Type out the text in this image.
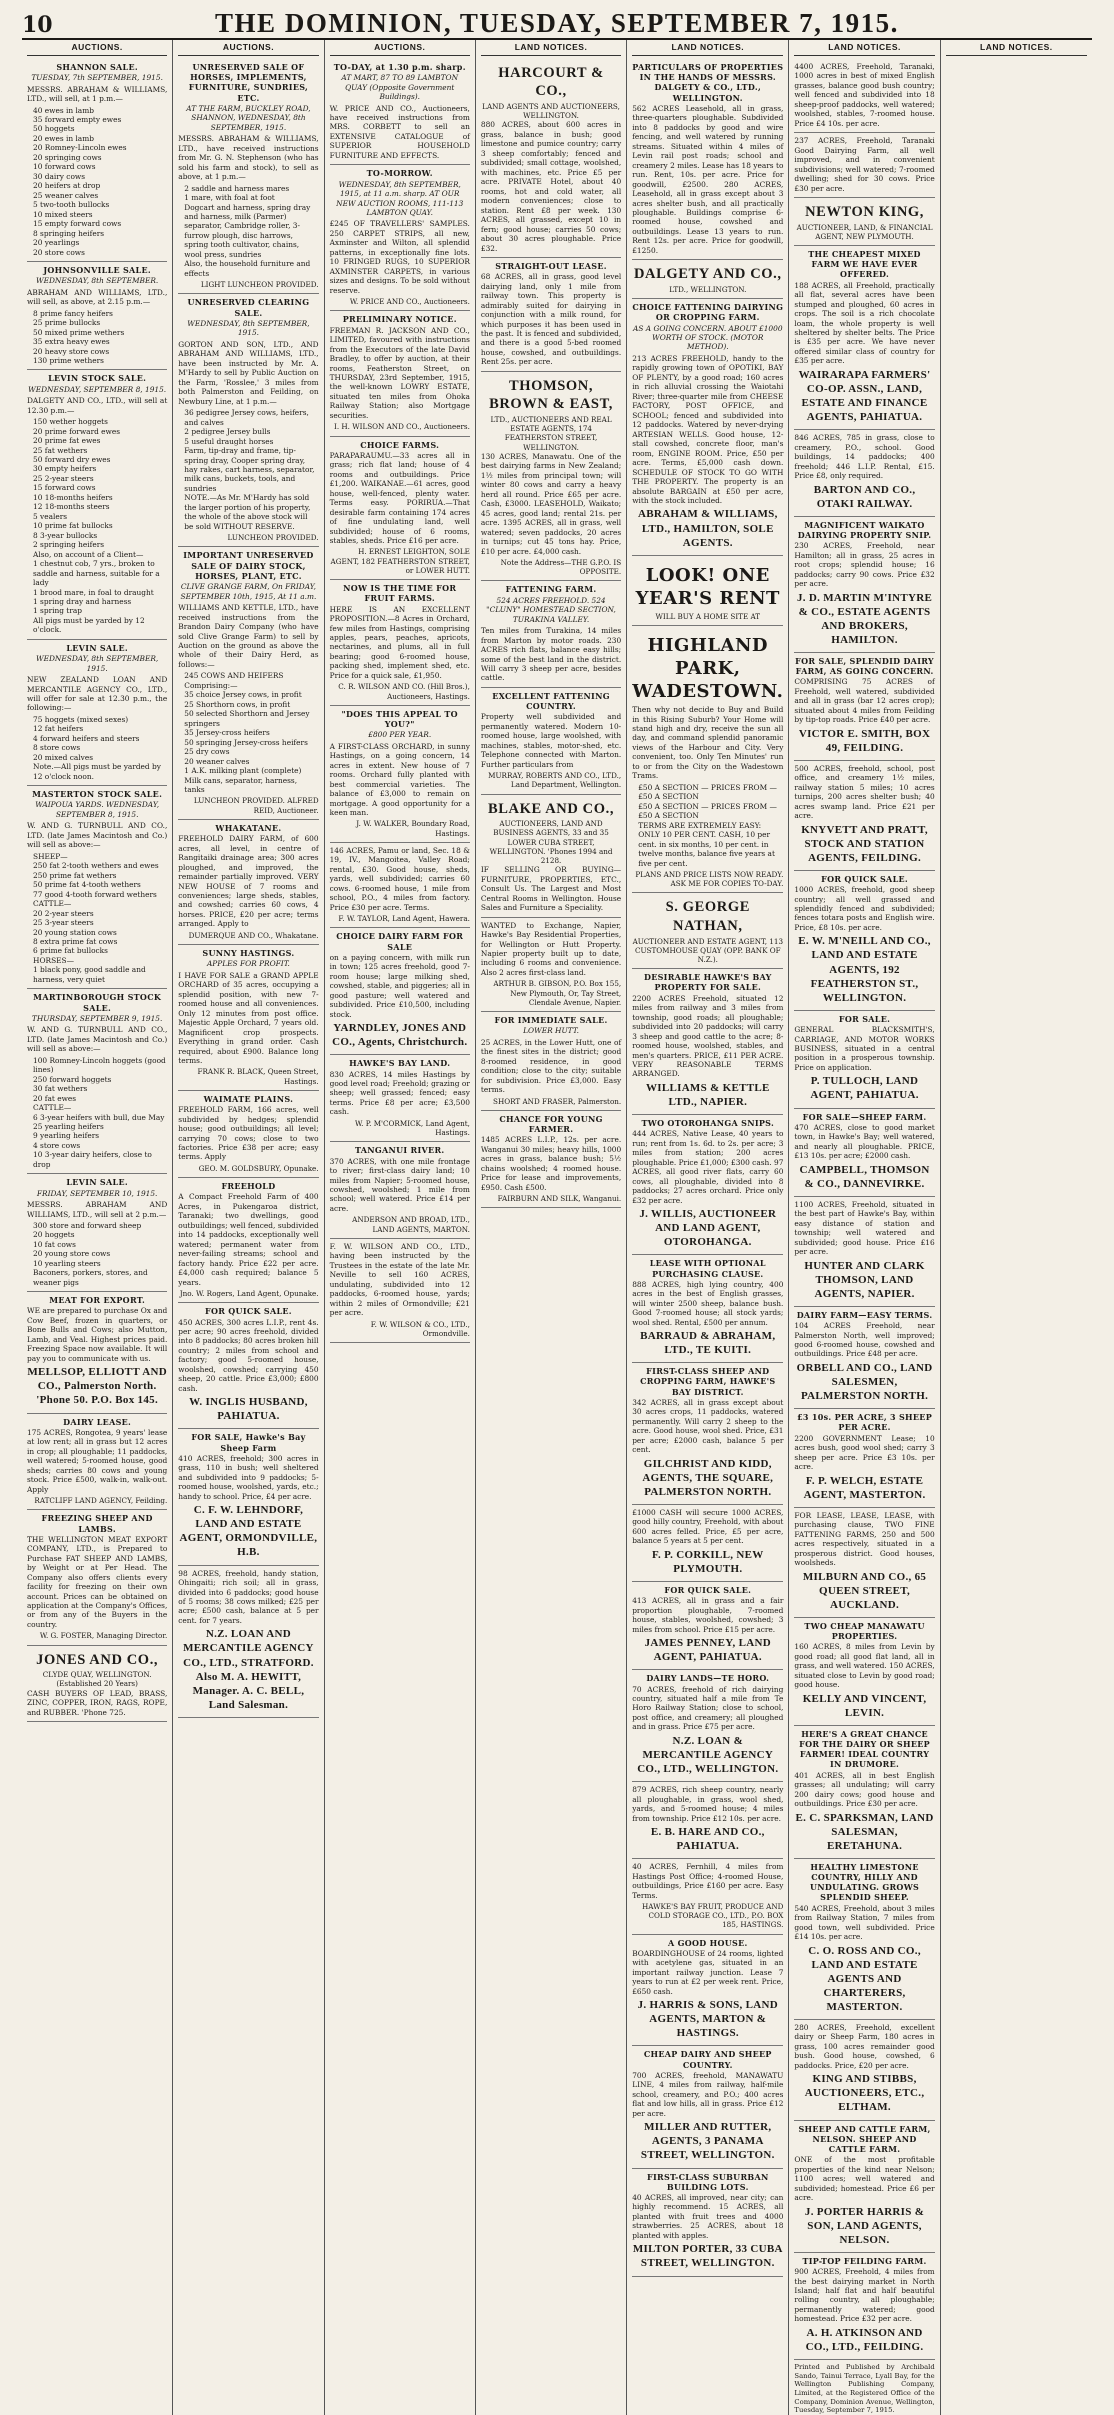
10	THE DOMINION, TUESDAY, SEPTEMBER 7, 1915.
AUCTIONS.
SHANNON SALE.
TUESDAY, 7th SEPTEMBER, 1915.
MESSRS. ABRAHAM & WILLIAMS, LTD., will sell, at 1 p.m.—
40 ewes in lamb
35 forward empty ewes
50 hoggets
20 ewes in lamb
20 Romney-Lincoln ewes
20 springing cows
10 forward cows
30 dairy cows
20 heifers at drop
25 weaner calves
5 two-tooth bullocks
10 mixed steers
15 empty forward cows
8 springing heifers
20 yearlings
20 store cows
JOHNSONVILLE SALE.
WEDNESDAY, 8th SEPTEMBER.
ABRAHAM AND WILLIAMS, LTD., will sell, as above, at 2.15 p.m.—
8 prime fancy heifers
25 prime bullocks
50 mixed prime wethers
35 extra heavy ewes
20 heavy store cows
130 prime wethers
LEVIN STOCK SALE.
WEDNESDAY, SEPTEMBER 8, 1915.
DALGETY AND CO., LTD., will sell at 12.30 p.m.—
150 wether hoggets
20 prime forward ewes
20 prime fat ewes
25 fat wethers
50 forward dry ewes
30 empty heifers
25 2-year steers
15 forward cows
10 18-months heifers
12 18-months steers
5 vealers
10 prime fat bullocks
8 3-year bullocks
2 springing heifers
Also, on account of a Client—
1 chestnut cob, 7 yrs., broken to saddle and harness, suitable for a lady
1 brood mare, in foal to draught
1 spring dray and harness
1 spring trap
All pigs must be yarded by 12 o'clock.
LEVIN SALE.
WEDNESDAY, 8th SEPTEMBER, 1915.
NEW ZEALAND LOAN AND MERCANTILE AGENCY CO., LTD., will offer for sale at 12.30 p.m., the following:—
75 hoggets (mixed sexes)
12 fat heifers
4 forward heifers and steers
8 store cows
20 mixed calves
Note.—All pigs must be yarded by 12 o'clock noon.
MASTERTON STOCK SALE.
WAIPOUA YARDS. WEDNESDAY, SEPTEMBER 8, 1915.
W. AND G. TURNBULL AND CO., LTD. (late James Macintosh and Co.) will sell as above:—
SHEEP—
250 fat 2-tooth wethers and ewes
250 prime fat wethers
50 prime fat 4-tooth wethers
77 good 4-tooth forward wethers
CATTLE—
20 2-year steers
25 3-year steers
20 young station cows
8 extra prime fat cows
6 prime fat bullocks
HORSES—
1 black pony, good saddle and harness, very quiet
MARTINBOROUGH STOCK SALE.
THURSDAY, SEPTEMBER 9, 1915.
W. AND G. TURNBULL AND CO., LTD. (late James Macintosh and Co.) will sell as above:—
100 Romney-Lincoln hoggets (good lines)
250 forward hoggets
30 fat wethers
20 fat ewes
CATTLE—
6 3-year heifers with bull, due May
25 yearling heifers
9 yearling heifers
4 store cows
10 3-year dairy heifers, close to drop
LEVIN SALE.
FRIDAY, SEPTEMBER 10, 1915.
MESSRS. ABRAHAM AND WILLIAMS, LTD., will sell at 2 p.m.—
300 store and forward sheep
20 hoggets
10 fat cows
20 young store cows
10 yearling steers
Baconers, porkers, stores, and weaner pigs
MEAT FOR EXPORT.
WE are prepared to purchase Ox and Cow Beef, frozen in quarters, or Bone Bulls and Cows; also Mutton, Lamb, and Veal. Highest prices paid. Freezing Space now available. It will pay you to communicate with us.
MELLSOP, ELLIOTT AND CO., Palmerston North. 'Phone 50. P.O. Box 145.
DAIRY LEASE.
175 ACRES, Rongotea, 9 years' lease at low rent; all in grass but 12 acres in crop; all ploughable; 11 paddocks, well watered; 5-roomed house, good sheds; carries 80 cows and young stock. Price £500, walk-in, walk-out. Apply
RATCLIFF LAND AGENCY, Feilding.
FREEZING SHEEP AND LAMBS.
THE WELLINGTON MEAT EXPORT COMPANY, LTD., is Prepared to Purchase FAT SHEEP AND LAMBS, by Weight or at Per Head. The Company also offers clients every facility for freezing on their own account. Prices can be obtained on application at the Company's Offices, or from any of the Buyers in the country.
W. G. FOSTER, Managing Director.
JONES AND CO.,
CLYDE QUAY, WELLINGTON. (Established 20 Years)
CASH BUYERS OF LEAD, BRASS, ZINC, COPPER, IRON, RAGS, ROPE, and RUBBER. 'Phone 725.
AUCTIONS.
UNRESERVED SALE OF HORSES, IMPLEMENTS, FURNITURE, SUNDRIES, ETC.
AT THE FARM, BUCKLEY ROAD, SHANNON, WEDNESDAY, 8th SEPTEMBER, 1915.
MESSRS. ABRAHAM & WILLIAMS, LTD., have received instructions from Mr. G. N. Stephenson (who has sold his farm and stock), to sell as above, at 1 p.m.—
2 saddle and harness mares
1 mare, with foal at foot
Dogcart and harness, spring dray and harness, milk (Parmer) separator, Cambridge roller, 3-furrow plough, disc harrows, spring tooth cultivator, chains, wool press, sundries
Also, the household furniture and effects
LIGHT LUNCHEON PROVIDED.
UNRESERVED CLEARING SALE.
WEDNESDAY, 8th SEPTEMBER, 1915.
GORTON AND SON, LTD., AND ABRAHAM AND WILLIAMS, LTD., have been instructed by Mr. A. M'Hardy to sell by Public Auction on the Farm, 'Rosslee,' 3 miles from both Palmerston and Feilding, on Newbury Line, at 1 p.m.—
36 pedigree Jersey cows, heifers, and calves
2 pedigree Jersey bulls
5 useful draught horses
Farm, tip-dray and frame, tip-spring dray, Cooper spring dray, hay rakes, cart harness, separator, milk cans, buckets, tools, and sundries
NOTE.—As Mr. M'Hardy has sold the larger portion of his property, the whole of the above stock will be sold WITHOUT RESERVE.
LUNCHEON PROVIDED.
IMPORTANT UNRESERVED SALE OF DAIRY STOCK, HORSES, PLANT, ETC.
CLIVE GRANGE FARM, On FRIDAY, SEPTEMBER 10th, 1915, At 11 a.m.
WILLIAMS AND KETTLE, LTD., have received instructions from the Brandon Dairy Company (who have sold Clive Grange Farm) to sell by Auction on the ground as above the whole of their Dairy Herd, as follows:—
245 COWS AND HEIFERS
Comprising:—
35 choice Jersey cows, in profit
25 Shorthorn cows, in profit
50 selected Shorthorn and Jersey springers
35 Jersey-cross heifers
50 springing Jersey-cross heifers
25 dry cows
20 weaner calves
1 A.K. milking plant (complete)
Milk cans, separator, harness, tanks
LUNCHEON PROVIDED. ALFRED REID, Auctioneer.
WHAKATANE.
FREEHOLD DAIRY FARM, of 600 acres, all level, in centre of Rangitaiki drainage area; 300 acres ploughed, and improved, the remainder partially improved. VERY NEW HOUSE of 7 rooms and conveniences; large sheds, stables, and cowshed; carries 60 cows, 4 horses. PRICE, £20 per acre; terms arranged. Apply to
DUMERQUE AND CO., Whakatane.
SUNNY HASTINGS.
APPLES FOR PROFIT.
I HAVE FOR SALE a GRAND APPLE ORCHARD of 35 acres, occupying a splendid position, with new 7-roomed house and all conveniences. Only 12 minutes from post office. Majestic Apple Orchard, 7 years old. Magnificent crop prospects. Everything in grand order. Cash required, about £900. Balance long terms.
FRANK R. BLACK, Queen Street, Hastings.
WAIMATE PLAINS.
FREEHOLD FARM, 166 acres, well subdivided by hedges; splendid house; good outbuildings; all level; carrying 70 cows; close to two factories. Price £38 per acre; easy terms. Apply
GEO. M. GOLDSBURY, Opunake.
FREEHOLD
A Compact Freehold Farm of 400 Acres, in Pukengaroa district, Taranaki; two dwellings, good outbuildings; well fenced, subdivided into 14 paddocks, exceptionally well watered; permanent water from never-failing streams; school and factory handy. Price £22 per acre. £4,000 cash required; balance 5 years.
Jno. W. Rogers, Land Agent, Opunake.
FOR QUICK SALE.
450 ACRES, 300 acres L.I.P., rent 4s. per acre; 90 acres freehold, divided into 8 paddocks; 80 acres broken hill country; 2 miles from school and factory; good 5-roomed house, woolshed, cowshed; carrying 450 sheep, 20 cattle. Price £3,000; £800 cash.
W. INGLIS HUSBAND, PAHIATUA.
FOR SALE, Hawke's Bay Sheep Farm
410 ACRES, freehold; 300 acres in grass, 110 in bush; well sheltered and subdivided into 9 paddocks; 5-roomed house, woolshed, yards, etc.; handy to school. Price, £4 per acre.
C. F. W. LEHNDORF, LAND AND ESTATE AGENT, ORMONDVILLE, H.B.
98 ACRES, freehold, handy station, Ohingaiti; rich soil; all in grass, divided into 6 paddocks; good house of 5 rooms; 38 cows milked; £25 per acre; £500 cash, balance at 5 per cent. for 7 years.
N.Z. LOAN AND MERCANTILE AGENCY CO., LTD., STRATFORD. Also M. A. HEWITT, Manager. A. C. BELL, Land Salesman.
AUCTIONS.
TO-DAY, at 1.30 p.m. sharp.
AT MART, 87 TO 89 LAMBTON QUAY (Opposite Government Buildings).
W. PRICE AND CO., Auctioneers, have received instructions from MRS. CORBETT to sell an EXTENSIVE CATALOGUE of SUPERIOR HOUSEHOLD FURNITURE AND EFFECTS.
TO-MORROW.
WEDNESDAY, 8th SEPTEMBER, 1915, at 11 a.m. sharp. AT OUR NEW AUCTION ROOMS, 111-113 LAMBTON QUAY.
£245 OF TRAVELLERS' SAMPLES. 250 CARPET STRIPS, all new, Axminster and Wilton, all splendid patterns, in exceptionally fine lots. 10 FRINGED RUGS, 10 SUPERIOR AXMINSTER CARPETS, in various sizes and designs. To be sold without reserve.
W. PRICE AND CO., Auctioneers.
PRELIMINARY NOTICE.
FREEMAN R. JACKSON AND CO., LIMITED, favoured with instructions from the Executors of the late David Bradley, to offer by auction, at their rooms, Featherston Street, on THURSDAY, 23rd September, 1915, the well-known LOWRY ESTATE, situated ten miles from Ohoka Railway Station; also Mortgage securities.
I. H. WILSON AND CO., Auctioneers.
CHOICE FARMS.
PARAPARAUMU.—33 acres all in grass; rich flat land; house of 4 rooms and outbuildings. Price £1,200. WAIKANAE.—61 acres, good house, well-fenced, plenty water. Terms easy. PORIRUA.—That desirable farm containing 174 acres of fine undulating land, well subdivided; house of 6 rooms, stables, sheds. Price £16 per acre.
H. ERNEST LEIGHTON, SOLE AGENT, 182 FEATHERSTON STREET, or LOWER HUTT.
NOW IS THE TIME FOR FRUIT FARMS.
HERE IS AN EXCELLENT PROPOSITION.—8 Acres in Orchard, few miles from Hastings, comprising apples, pears, peaches, apricots, nectarines, and plums, all in full bearing; good 6-roomed house, packing shed, implement shed, etc. Price for a quick sale, £1,950.
C. R. WILSON AND CO. (Hill Bros.), Auctioneers, Hastings.
"DOES THIS APPEAL TO YOU?"
£800 PER YEAR.
A FIRST-CLASS ORCHARD, in sunny Hastings, on a going concern, 14 acres in extent. New house of 7 rooms. Orchard fully planted with best commercial varieties. The balance of £3,000 to remain on mortgage. A good opportunity for a keen man.
J. W. WALKER, Boundary Road, Hastings.
146 ACRES, Pamu or land, Sec. 18 & 19, IV., Mangoitea, Valley Road; rental, £30. Good house, sheds, yards, well subdivided; carries 60 cows. 6-roomed house, 1 mile from school, P.O., 4 miles from factory. Price £30 per acre. Terms.
F. W. TAYLOR, Land Agent, Hawera.
CHOICE DAIRY FARM FOR SALE
on a paying concern, with milk run in town; 125 acres freehold, good 7-room house; large milking shed, cowshed, stable, and piggeries; all in good pasture; well watered and subdivided. Price £10,500, including stock.
YARNDLEY, JONES AND CO., Agents, Christchurch.
HAWKE'S BAY LAND.
830 ACRES, 14 miles Hastings by good level road; Freehold; grazing or sheep; well grassed; fenced; easy terms. Price £8 per acre; £3,500 cash.
W. P. M'CORMICK, Land Agent, Hastings.
TANGANUI RIVER.
370 ACRES, with one mile frontage to river; first-class dairy land; 10 miles from Napier; 5-roomed house, cowshed, woolshed; 1 mile from school; well watered. Price £14 per acre.
ANDERSON AND BROAD, LTD., LAND AGENTS, MARTON.
F. W. WILSON AND CO., LTD., having been instructed by the Trustees in the estate of the late Mr. Neville to sell 160 ACRES, undulating, subdivided into 12 paddocks, 6-roomed house, yards; within 2 miles of Ormondville; £21 per acre.
F. W. WILSON & CO., LTD., Ormondville.
LAND NOTICES.
HARCOURT & CO.,
LAND AGENTS AND AUCTIONEERS, WELLINGTON.
880 ACRES, about 600 acres in grass, balance in bush; good limestone and pumice country; carry 3 sheep comfortably; fenced and subdivided; small cottage, woolshed, with machines, etc. Price £5 per acre. PRIVATE Hotel, about 40 rooms, hot and cold water, all modern conveniences; close to station. Rent £8 per week. 130 ACRES, all grassed, except 10 in fern; good house; carries 50 cows; about 30 acres ploughable. Price £32.
STRAIGHT-OUT LEASE.
68 ACRES, all in grass, good level dairying land, only 1 mile from railway town. This property is admirably suited for dairying in conjunction with a milk round, for which purposes it has been used in the past. It is fenced and subdivided, and there is a good 5-bed roomed house, cowshed, and outbuildings. Rent 25s. per acre.
THOMSON, BROWN & EAST,
LTD., AUCTIONEERS AND REAL ESTATE AGENTS, 174 FEATHERSTON STREET, WELLINGTON.
130 ACRES, Manawatu. One of the best dairying farms in New Zealand; 1½ miles from principal town; will winter 80 cows and carry a heavy herd all round. Price £65 per acre. Cash, £3000. LEASEHOLD, Waikato; 45 acres, good land; rental 21s. per acre. 1395 ACRES, all in grass, well watered; seven paddocks, 20 acres in turnips; cut 45 tons hay. Price, £10 per acre. £4,000 cash.
Note the Address—THE G.P.O. IS OPPOSITE.
FATTENING FARM.
524 ACRES FREEHOLD. 524 "CLUNY" HOMESTEAD SECTION, TURAKINA VALLEY.
Ten miles from Turakina, 14 miles from Marton by motor roads. 230 ACRES rich flats, balance easy hills; some of the best land in the district. Will carry 3 sheep per acre, besides cattle.
EXCELLENT FATTENING COUNTRY.
Property well subdivided and permanently watered. Modern 10-roomed house, large woolshed, with machines, stables, motor-shed, etc. Telephone connected with Marton. Further particulars from
MURRAY, ROBERTS AND CO., LTD., Land Department, Wellington.
BLAKE AND CO.,
AUCTIONEERS, LAND AND BUSINESS AGENTS, 33 and 35 LOWER CUBA STREET, WELLINGTON. 'Phones 1994 and 2128.
IF SELLING OR BUYING—FURNITURE, PROPERTIES, ETC., Consult Us. The Largest and Most Central Rooms in Wellington. House Sales and Furniture a Speciality.
WANTED to Exchange, Napier, Hawke's Bay Residential Properties, for Wellington or Hutt Property. Napier property built up to date, including 6 rooms and convenience. Also 2 acres first-class land.
ARTHUR B. GIBSON, P.O. Box 155, New Plymouth, Or, Tay Street, Clendale Avenue, Napier.
FOR IMMEDIATE SALE.
LOWER HUTT.
25 ACRES, in the Lower Hutt, one of the finest sites in the district; good 8-roomed residence, in good condition; close to the city; suitable for subdivision. Price £3,000. Easy terms.
SHORT AND FRASER, Palmerston.
CHANCE FOR YOUNG FARMER.
1485 ACRES L.I.P., 12s. per acre. Wanganui 30 miles; heavy hills, 1000 acres in grass, balance bush; 5½ chains woolshed; 4 roomed house. Price for lease and improvements, £950. Cash £500.
FAIRBURN AND SILK, Wanganui.
LAND NOTICES.
PARTICULARS OF PROPERTIES IN THE HANDS OF MESSRS. DALGETY & CO., LTD., WELLINGTON.
562 ACRES Leasehold, all in grass, three-quarters ploughable. Subdivided into 8 paddocks by good and wire fencing, and well watered by running streams. Situated within 4 miles of Levin rail post roads; school and creamery 2 miles. Lease has 18 years to run. Rent, 10s. per acre. Price for goodwill, £2500. 280 ACRES, Leasehold, all in grass except about 3 acres shelter bush, and all practically ploughable. Buildings comprise 6-roomed house, cowshed and outbuildings. Lease 13 years to run. Rent 12s. per acre. Price for goodwill, £1250.
DALGETY AND CO.,
LTD., WELLINGTON.
CHOICE FATTENING DAIRYING OR CROPPING FARM.
AS A GOING CONCERN. ABOUT £1000 WORTH OF STOCK. (MOTOR METHOD).
213 ACRES FREEHOLD, handy to the rapidly growing town of OPOTIKI, BAY OF PLENTY, by a good road; 160 acres in rich alluvial crossing the Waiotahi River; three-quarter mile from CHEESE FACTORY, POST OFFICE, and SCHOOL; fenced and subdivided into 12 paddocks. Watered by never-drying ARTESIAN WELLS. Good house, 12-stall cowshed, concrete floor, man's room, ENGINE ROOM. Price, £50 per acre. Terms, £5,000 cash down. SCHEDULE OF STOCK TO GO WITH THE PROPERTY. The property is an absolute BARGAIN at £50 per acre, with the stock included.
ABRAHAM & WILLIAMS, LTD., HAMILTON, SOLE AGENTS.
LOOK! ONE YEAR'S RENT
WILL BUY A HOME SITE AT
HIGHLAND PARK, WADESTOWN.
Then why not decide to Buy and Build in this Rising Suburb? Your Home will stand high and dry, receive the sun all day, and command splendid panoramic views of the Harbour and City. Very convenient, too. Only Ten Minutes' run to or from the City on the Wadestown Trams.
£50 A SECTION — PRICES FROM — £50 A SECTION
£50 A SECTION — PRICES FROM — £50 A SECTION
TERMS ARE EXTREMELY EASY: ONLY 10 PER CENT. CASH, 10 per cent. in six months, 10 per cent. in twelve months, balance five years at five per cent.
PLANS AND PRICE LISTS NOW READY. ASK ME FOR COPIES TO-DAY.
S. GEORGE NATHAN,
AUCTIONEER AND ESTATE AGENT, 113 CUSTOMHOUSE QUAY (OPP. BANK OF N.Z.).
DESIRABLE HAWKE'S BAY PROPERTY FOR SALE.
2200 ACRES Freehold, situated 12 miles from railway and 3 miles from township, good roads; all ploughable; subdivided into 20 paddocks; will carry 3 sheep and good cattle to the acre; 8-roomed house, woolshed, stables, and men's quarters. PRICE, £11 PER ACRE. VERY REASONABLE TERMS ARRANGED.
WILLIAMS & KETTLE LTD., NAPIER.
TWO OTOROHANGA SNIPS.
444 ACRES, Native Lease, 40 years to run; rent from 1s. 6d. to 2s. per acre; 3 miles from station; 200 acres ploughable. Price £1,000; £300 cash. 97 ACRES, all good river flats, carry 60 cows, all ploughable, divided into 8 paddocks; 27 acres orchard. Price only £32 per acre.
J. WILLIS, AUCTIONEER AND LAND AGENT, OTOROHANGA.
LEASE WITH OPTIONAL PURCHASING CLAUSE.
888 ACRES, high lying country, 400 acres in the best of English grasses, will winter 2500 sheep, balance bush. Good 7-roomed house; all stock yards; wool shed. Rental, £500 per annum.
BARRAUD & ABRAHAM, LTD., TE KUITI.
FIRST-CLASS SHEEP AND CROPPING FARM, HAWKE'S BAY DISTRICT.
342 ACRES, all in grass except about 30 acres crops, 11 paddocks, watered permanently. Will carry 2 sheep to the acre. Good house, wool shed. Price, £31 per acre; £2000 cash, balance 5 per cent.
GILCHRIST AND KIDD, AGENTS, THE SQUARE, PALMERSTON NORTH.
£1000 CASH will secure 1000 ACRES, good hilly country, Freehold, with about 600 acres felled. Price, £5 per acre, balance 5 years at 5 per cent.
F. P. CORKILL, NEW PLYMOUTH.
FOR QUICK SALE.
413 ACRES, all in grass and a fair proportion ploughable, 7-roomed house, stables, woolshed, cowshed; 3 miles from school. Price £15 per acre.
JAMES PENNEY, LAND AGENT, PAHIATUA.
DAIRY LANDS—TE HORO.
70 ACRES, freehold of rich dairying country, situated half a mile from Te Horo Railway Station; close to school, post office, and creamery; all ploughed and in grass. Price £75 per acre.
N.Z. LOAN & MERCANTILE AGENCY CO., LTD., WELLINGTON.
879 ACRES, rich sheep country, nearly all ploughable, in grass, wool shed, yards, and 5-roomed house; 4 miles from township. Price £12 10s. per acre.
E. B. HARE AND CO., PAHIATUA.
40 ACRES, Fernhill, 4 miles from Hastings Post Office; 4-roomed House, outbuildings, Price £160 per acre. Easy Terms.
HAWKE'S BAY FRUIT, PRODUCE AND COLD STORAGE CO., LTD., P.O. BOX 185, HASTINGS.
A GOOD HOUSE.
BOARDINGHOUSE of 24 rooms, lighted with acetylene gas, situated in an important railway junction. Lease 7 years to run at £2 per week rent. Price, £650 cash.
J. HARRIS & SONS, LAND AGENTS, MARTON & HASTINGS.
CHEAP DAIRY AND SHEEP COUNTRY.
700 ACRES, freehold, MANAWATU LINE, 4 miles from railway, half-mile school, creamery, and P.O.; 400 acres flat and low hills, all in grass. Price £12 per acre.
MILLER AND RUTTER, AGENTS, 3 PANAMA STREET, WELLINGTON.
FIRST-CLASS SUBURBAN BUILDING LOTS.
40 ACRES, all improved, near city; can highly recommend. 15 ACRES, all planted with fruit trees and 4000 strawberries. 25 ACRES, about 18 planted with apples.
MILTON PORTER, 33 CUBA STREET, WELLINGTON.
LAND NOTICES.
4400 ACRES, Freehold, Taranaki, 1000 acres in best of mixed English grasses, balance good bush country; well fenced and subdivided into 18 sheep-proof paddocks, well watered; woolshed, stables, 7-roomed house. Price £4 10s. per acre.
237 ACRES, Freehold, Taranaki Good Dairying Farm, all well improved, and in convenient subdivisions; well watered; 7-roomed dwelling; shed for 30 cows. Price £30 per acre.
NEWTON KING,
AUCTIONEER, LAND, & FINANCIAL AGENT, NEW PLYMOUTH.
THE CHEAPEST MIXED FARM WE HAVE EVER OFFERED.
188 ACRES, all Freehold, practically all flat, several acres have been stumped and ploughed, 60 acres in crops. The soil is a rich chocolate loam, the whole property is well sheltered by shelter belts. The Price is £35 per acre. We have never offered similar class of country for £35 per acre.
WAIRARAPA FARMERS' CO-OP. ASSN., LAND, ESTATE AND FINANCE AGENTS, PAHIATUA.
846 ACRES, 785 in grass, close to creamery, P.O., school. Good buildings, 14 paddocks; 400 freehold; 446 L.I.P. Rental, £15. Price £8, only required.
BARTON AND CO., OTAKI RAILWAY.
MAGNIFICENT WAIKATO DAIRYING PROPERTY SNIP.
230 ACRES, Freehold, near Hamilton; all in grass, 25 acres in root crops; splendid house; 16 paddocks; carry 90 cows. Price £32 per acre.
J. D. MARTIN M'INTYRE & CO., ESTATE AGENTS AND BROKERS, HAMILTON.
FOR SALE, SPLENDID DAIRY FARM, AS GOING CONCERN.
COMPRISING 75 ACRES of Freehold, well watered, subdivided and all in grass (bar 12 acres crop); situated about 4 miles from Feilding by tip-top roads. Price £40 per acre.
VICTOR E. SMITH, BOX 49, FEILDING.
500 ACRES, freehold, school, post office, and creamery 1½ miles, railway station 5 miles; 10 acres turnips, 200 acres shelter bush; 40 acres swamp land. Price £21 per acre.
KNYVETT AND PRATT, STOCK AND STATION AGENTS, FEILDING.
FOR QUICK SALE.
1000 ACRES, freehold, good sheep country; all well grassed and splendidly fenced and subdivided; fences totara posts and English wire. Price, £8 10s. per acre.
E. W. M'NEILL AND CO., LAND AND ESTATE AGENTS, 192 FEATHERSTON ST., WELLINGTON.
FOR SALE.
GENERAL BLACKSMITH'S, CARRIAGE, AND MOTOR WORKS BUSINESS, situated in a central position in a prosperous township. Price on application.
P. TULLOCH, LAND AGENT, PAHIATUA.
FOR SALE—SHEEP FARM.
470 ACRES, close to good market town, in Hawke's Bay; well watered, and nearly all ploughable. PRICE, £13 10s. per acre; £2000 cash.
CAMPBELL, THOMSON & CO., DANNEVIRKE.
1100 ACRES, Freehold, situated in the best part of Hawke's Bay, within easy distance of station and township; well watered and subdivided; good house. Price £16 per acre.
HUNTER AND CLARK THOMSON, LAND AGENTS, NAPIER.
DAIRY FARM—EASY TERMS.
104 ACRES Freehold, near Palmerston North, well improved; good 6-roomed house, cowshed and outbuildings. Price £48 per acre.
ORBELL AND CO., LAND SALESMEN, PALMERSTON NORTH.
£3 10s. PER ACRE, 3 SHEEP PER ACRE.
2200 GOVERNMENT Lease; 10 acres bush, good wool shed; carry 3 sheep per acre. Price £3 10s. per acre.
F. P. WELCH, ESTATE AGENT, MASTERTON.
FOR LEASE, LEASE, LEASE, with purchasing clause, TWO FINE FATTENING FARMS, 250 and 500 acres respectively, situated in a prosperous district. Good houses, woolsheds.
MILBURN AND CO., 65 QUEEN STREET, AUCKLAND.
TWO CHEAP MANAWATU PROPERTIES.
160 ACRES, 8 miles from Levin by good road; all good flat land, all in grass, and well watered. 150 ACRES, situated close to Levin by good road; good house.
KELLY AND VINCENT, LEVIN.
HERE'S A GREAT CHANCE FOR THE DAIRY OR SHEEP FARMER! IDEAL COUNTRY IN DRUMORE.
401 ACRES, all in best English grasses; all undulating; will carry 200 dairy cows; good house and outbuildings. Price £30 per acre.
E. C. SPARKSMAN, LAND SALESMAN, ERETAHUNA.
HEALTHY LIMESTONE COUNTRY, HILLY AND UNDULATING. GROWS SPLENDID SHEEP.
540 ACRES, Freehold, about 3 miles from Railway Station, 7 miles from good town, well subdivided. Price £14 10s. per acre.
C. O. ROSS AND CO., LAND AND ESTATE AGENTS AND CHARTERERS, MASTERTON.
280 ACRES, Freehold, excellent dairy or Sheep Farm, 180 acres in grass, 100 acres remainder good bush. Good house, cowshed, 6 paddocks. Price, £20 per acre.
KING AND STIBBS, AUCTIONEERS, ETC., ELTHAM.
SHEEP AND CATTLE FARM, NELSON. SHEEP AND CATTLE FARM.
ONE of the most profitable properties of the kind near Nelson; 1100 acres; well watered and subdivided; homestead. Price £6 per acre.
J. PORTER HARRIS & SON, LAND AGENTS, NELSON.
TIP-TOP FEILDING FARM.
900 ACRES, Freehold, 4 miles from the best dairying market in North Island; half flat and half beautiful rolling country, all ploughable; permanently watered; good homestead. Price £32 per acre.
A. H. ATKINSON AND CO., LTD., FEILDING.
Printed and Published by Archibald Sando, Tainui Terrace, Lyall Bay, for the Wellington Publishing Company, Limited, at the Registered Office of the Company, Dominion Avenue, Wellington, Tuesday, September 7, 1915.
LAND NOTICES.
